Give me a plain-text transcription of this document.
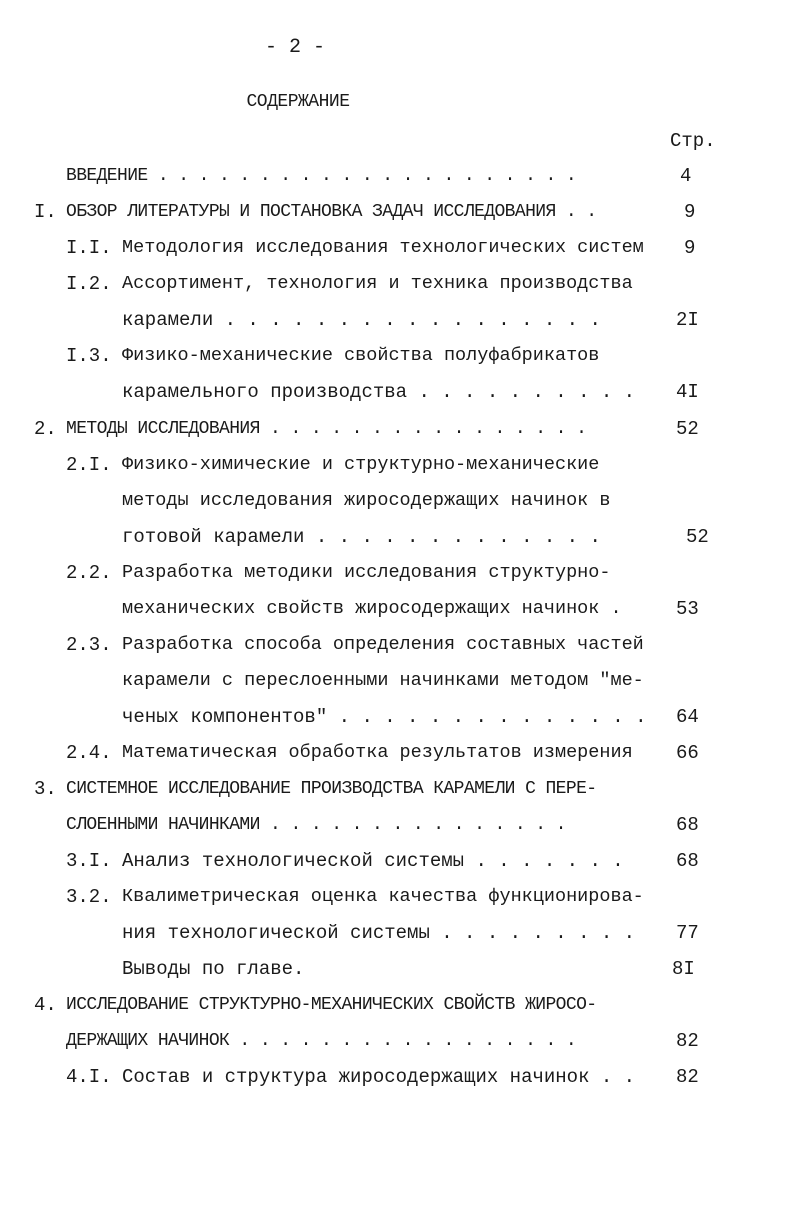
- 2 -
СОДЕРЖАНИЕ
Стр.
ВВЕДЕНИЕ . . . . . . . . . . . . . . . . . . . . .	4
I. ОБЗОР ЛИТЕРАТУРЫ И ПОСТАНОВКА ЗАДАЧ ИССЛЕДОВАНИЯ . .	9
I.I. Методология исследования технологических систем 9
I.2. Ассортимент, технология и техника производства
карамели . . . . . . . . . . . . . . . . .	2I
I.3. Физико-механические свойства полуфабрикатов
карамельного производства . . . . . . . . . . 4I
2. МЕТОДЫ ИССЛЕДОВАНИЯ . . . . . . . . . . . . . . . .	52
2.I. Физико-химические и структурно-механические
методы исследования жиросодержащих начинок в
готовой карамели . . . . . . . . . . . . .	52
2.2. Разработка методики исследования структурно-
механических свойств жиросодержащих начинок .	53
2.3. Разработка способа определения составных частей
карамели с переслоенными начинками методом "ме-
ченых компонентов" . . . . . . . . . . . . . . 64
2.4. Математическая обработка результатов измерения 66
3. СИСТЕМНОЕ ИССЛЕДОВАНИЕ ПРОИЗВОДСТВА КАРАМЕЛИ С ПЕРЕ-
СЛОЕННЫМИ НАЧИНКАМИ . . . . . . . . . . . . . . .	68
3.I. Анализ технологической системы . . . . . . .	68
3.2. Квалиметрическая оценка качества функционирова-
ния технологической системы . . . . . . . . . 77
Выводы по главе.	8I
4. ИССЛЕДОВАНИЕ СТРУКТУРНО-МЕХАНИЧЕСКИХ СВОЙСТВ ЖИРОСО-
ДЕРЖАЩИХ НАЧИНОК . . . . . . . . . . . . . . . . .	82
4.I. Состав и структура жиросодержащих начинок . . 82
